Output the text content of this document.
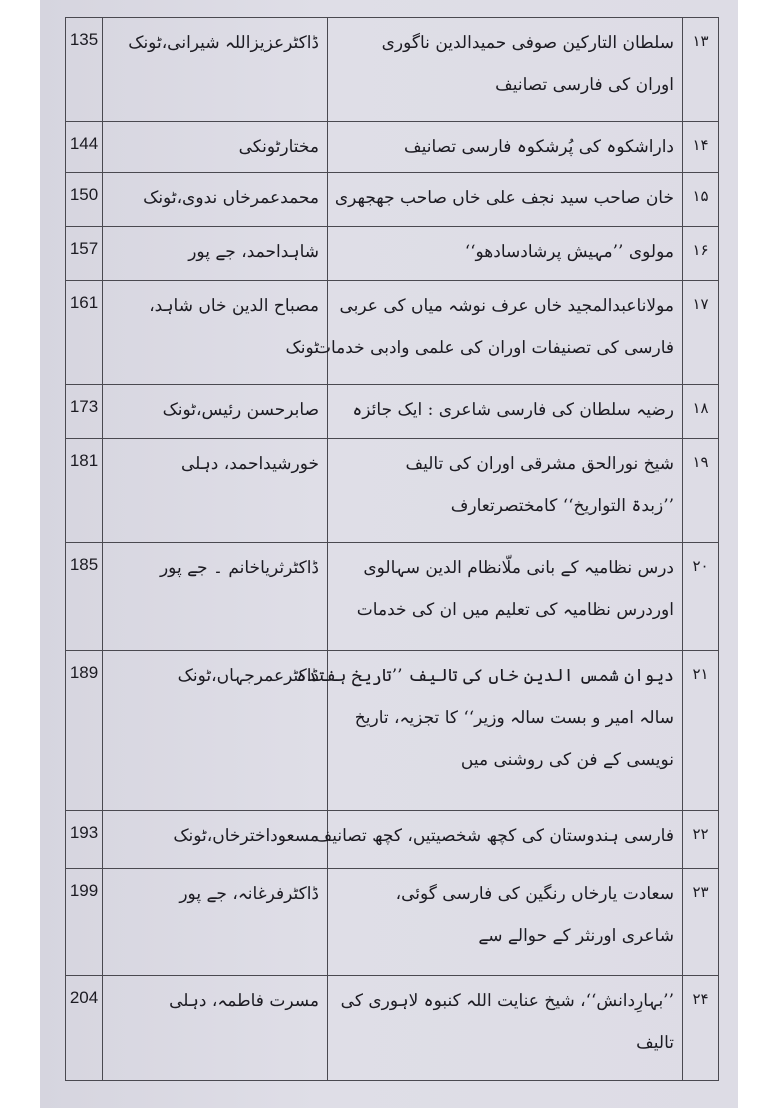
135	ڈاکٹرعزیزاللہ شیرانی،ٹونک	سلطان التارکین صوفی حمیدالدین ناگوری
اوران کی فارسی تصانیف	۱۳
144	مختارٹونکی	داراشکوہ کی پُرشکوہ فارسی تصانیف	۱۴
150	محمدعمرخاں ندوی،ٹونک	خان صاحب سید نجف علی خاں صاحب جھجھری	۱۵
157	شاہداحمد، جے پور	مولوی ’’مہیش پرشادسادھو‘‘	۱۶
161	مصباح الدین خاں شاہد،
ٹونک	مولاناعبدالمجید خاں عرف نوشہ میاں کی عربی
فارسی کی تصنیفات اوران کی علمی وادبی خدمات	۱۷
173	صابرحسن رئیس،ٹونک	رضیہ سلطان کی فارسی شاعری : ایک جائزہ	۱۸
181	خورشیداحمد، دہلی	شیخ نورالحق مشرقی اوران کی تالیف
’’زبدۃ التواریخ‘‘ کامختصرتعارف	۱۹
185	ڈاکٹرثریاخانم ۔ جے پور	درس نظامیہ کے بانی ملّانظام الدین سہالوی
اوردرس نظامیہ کی تعلیم میں ان کی خدمات	۲۰
189	ڈاکٹرعمرجہاں،ٹونک	دیوان شمس الدین خاں کی تالیف ’’تاریخ ہفتدہ
سالہ امیر و بست سالہ وزیر‘‘ کا تجزیہ، تاریخ
نویسی کے فن کی روشنی میں	۲۱
193	مسعوداخترخاں،ٹونک	فارسی ہندوستان کی کچھ شخصیتیں، کچھ تصانیف	۲۲
199	ڈاکٹرفرغانہ، جے پور	سعادت یارخاں رنگین کی فارسی گوئی،
شاعری اورنثر کے حوالے سے	۲۳
204	مسرت فاطمہ، دہلی	’’بہارِدانش‘‘، شیخ عنایت اللہ کنبوہ لاہوری کی
تالیف	۲۴
